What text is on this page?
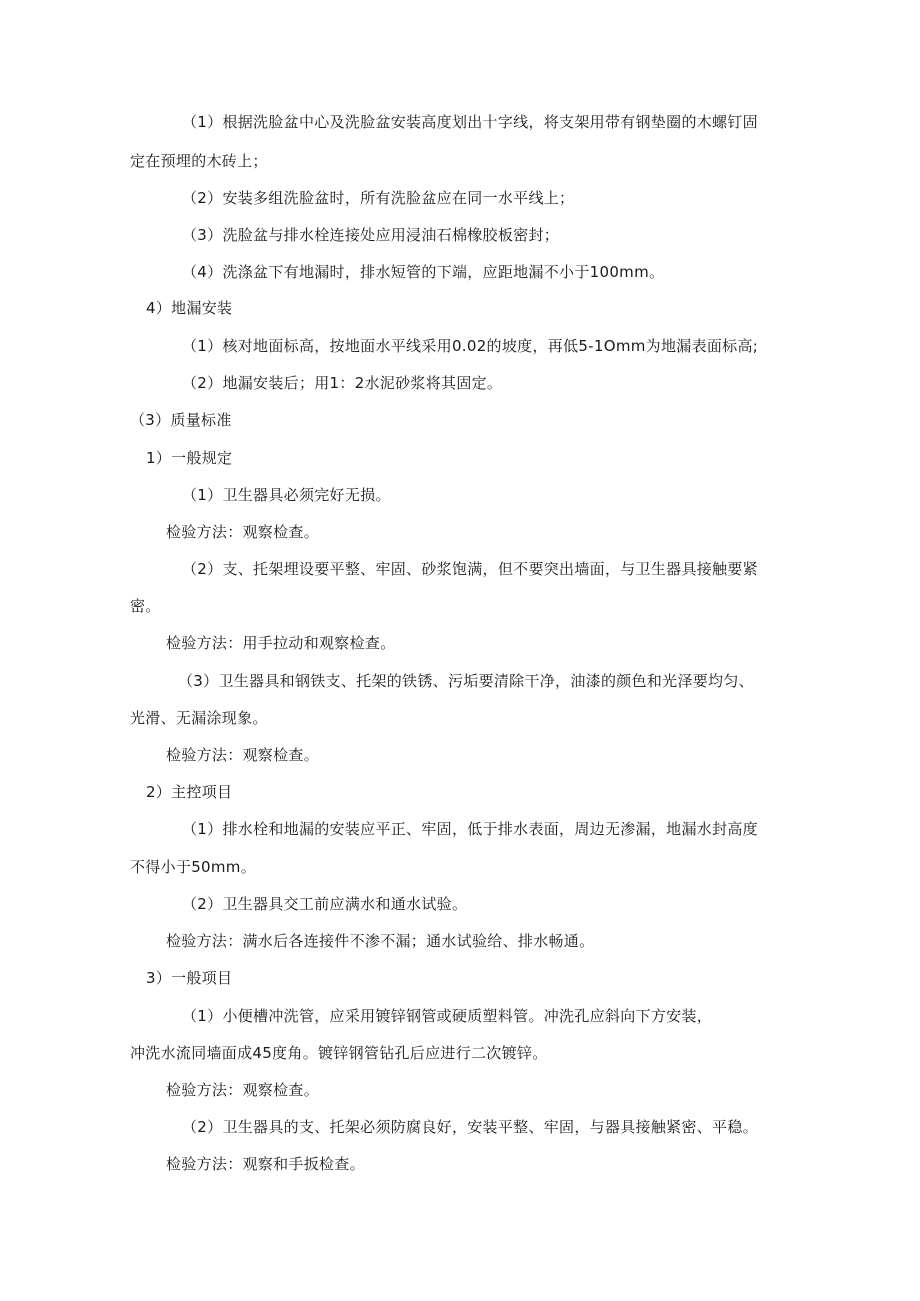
（1）根据洗脸盆中心及洗脸盆安装高度划出十字线，将支架用带有钢垫圈的木螺钉固
定在预埋的木砖上；
（2）安装多组洗脸盆时，所有洗脸盆应在同一水平线上；
（3）洗脸盆与排水栓连接处应用浸油石棉橡胶板密封；
（4）洗涤盆下有地漏时，排水短管的下端，应距地漏不小于100mm。
4）地漏安装
（1）核对地面标高，按地面水平线采用0.02的坡度，再低5-1Omm为地漏表面标高;
（2）地漏安装后；用1：2水泥砂浆将其固定。
（3）质量标准
1）一般规定
（1）卫生器具必须完好无损。
检验方法：观察检查。
（2）支、托架埋设要平整、牢固、砂浆饱满，但不要突出墙面，与卫生器具接触要紧
密。
检验方法：用手拉动和观察检查。
（3）卫生器具和钢铁支、托架的铁锈、污垢要清除干净，油漆的颜色和光泽要均匀、
光滑、无漏涂现象。
检验方法：观察检查。
2）主控项目
（1）排水栓和地漏的安装应平正、牢固，低于排水表面，周边无渗漏，地漏水封高度
不得小于50mm。
（2）卫生器具交工前应满水和通水试验。
检验方法：满水后各连接件不渗不漏；通水试验给、排水畅通。
3）一般项目
（1）小便槽冲洗管，应采用镀锌钢管或硬质塑料管。冲洗孔应斜向下方安装，
冲洗水流同墙面成45度角。镀锌钢管钻孔后应进行二次镀锌。
检验方法：观察检查。
（2）卫生器具的支、托架必须防腐良好，安装平整、牢固，与器具接触紧密、平稳。
检验方法：观察和手扳检查。
